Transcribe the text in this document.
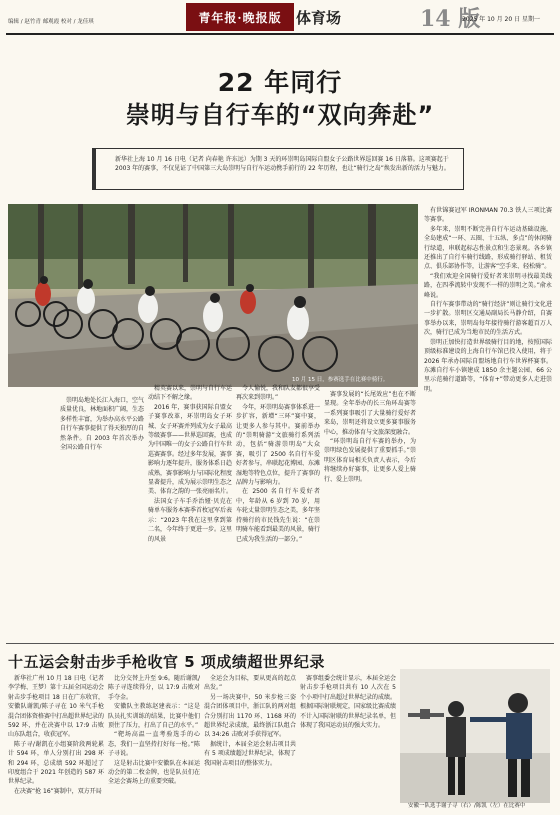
编辑 / 赵竹青 邮观霞 校对 / 龙佳琪	青年报·晚报版 体育场	14 版
2025 年 10 月 20 日 星期一
22 年同行
崇明与自行车的“双向奔赴”
新华社上海 10 月 16 日电（记者 向春艳 许东远）为期 3 天的环崇明岛国际自盟女子公路世界巡回赛 16 日落幕。这项赛起于 2003 年的赛事，不仅见证了中国第三大岛崇明与自行车运动携手前行的 22 年历程，也让“骑行之岛”焕发出新的活力与魅力。
10 月 15 日，参赛选手在比赛中骑行。

崇明岛地处长江入海口，空气质量优良，林地面积广阔，生态多样性丰富，为举办高水平公路自行车赛事提供了得天独厚的自然条件。自 2003 年首次举办全国公路自行车

精英赛以来，崇明与自行车运动结下不解之缘。

2016 年，赛事获国际自盟女子赛事改革，环崇明岛女子环城、女子环赛并列成为女子最高等级赛事——世界巡回赛，也成为中国唯一的女子公路自行车世巡赛赛事。经过多年发展，赛事影响力逐年提升，服务体系日趋成熟，赛事影响力与国际化程度显著提升，成为展示崇明生态之美、体育之韵的一张亮丽名片。

法国女子车手乔治娅·贝克在骑单车服务本赛季首枚冠军后表示：“2023 年我在这里拿到第二名，今年终于更进一步。这里的风景

令人愉悦，我和队友都很享受再次来到崇明。”

今年，环崇明岛赛事体系进一步扩容，新增“三环”赛中赛，让更多人参与其中。赛前举办的“崇明骑游”文旅骑行系列活动，包括“骑游崇明岛”大众赛，吸引了 2500 名自行车爱好者参与，串联起花博园、东滩湿地等特色点位，提升了赛事的品牌力与影响力。

在 2500 名自行车爱好者中，年龄从 6 岁到 70 岁，用车轮丈量崇明生态之美，多年坚持骑行的市民钱先生说：“在崇明骑车能看到最美的风景，骑行已成为我生活的一部分。”

有世锦赛冠军 IRONMAN 70.3 铁人三项比赛等赛事。

多年来，崇明不断完善自行车运动基础设施，全岛建成“一环、五圈、十五纵、多点”的休闲骑行绿道，串联起标志性景点和生态景观。各乡镇还推出了自行车骑行线路，形成骑行驿站、租赁点、俱乐部协作等，让游客“空手来、轻松骑”。

“我们欢迎全国骑行爱好者来崇明寻找最美线路，在四季流转中发现不一样的崇明之美。”俞永峰说。

自行车赛事带动的“骑行经济”则让骑行文化进一步扩散。崇明区交通局副局长马静介绍，自赛事举办以来，崇明岛每年接待骑行游客超百万人次，骑行已成为当地市民的生活方式。

崇明正加快打造世界级骑行目的地，按照国际顶级标准建设的上海自行车馆已投入使用，将于 2026 年承办国际自盟场地自行车世界杯赛事。东滩自行车小镇建成 1850 余主题公园、66 公里示范骑行道路等，“体育+”带动更多人走进崇明。

赛事发展的“长尾效应”也在不断显现。全年举办的长三角环岛赛等一系列赛事吸引了大量骑行爱好者来岛，崇明还将设立更多赛事服务中心，推动体育与文旅深度融合。

“环崇明岛自行车赛的举办，为崇明绿色发展提供了重要抓手。”崇明区体育局相关负责人表示，今后将继续办好赛事，让更多人爱上骑行、爱上崇明。

十五运会射击步手枪收官 5 项成绩超世界纪录

新华社广州 10 月 18 日电（记者 李学梅、王梦）第十五届全国运动会射击步手枪项目 18 日在广东收官，安徽队谢凯/陈子寻在 10 米气手枪混合团体资格赛中打出超世界纪录的 592 环，并在决赛中以 17:9 击败山东队组合，收获冠军。

陈子寻/谢凯在小组赛阶段两轮累计 594 环，单人分别打出 298 环和 294 环，总成绩 592 环超过了印度组合于 2021 年创造的 587 环世界纪录。

在决赛“抢 16”赛制中，双方开局

比分交替上升至 9:6。随后谢凯/陈子寻连续得分，以 17:9 击败对手夺金。

安徽队主教练赵建表示：“这是队员扎实训练的结果，比赛中他们顶住了压力，打出了自己的水平。”

“靶场高温一直考验选手的心态，我们一直坚持打好每一枪。”陈子寻说。

这是射击比赛中安徽队在本届运动会的第二枚金牌，也是队员们在全运会赛场上的重要突破。

全运会为目标，要从更高的起点出发。”

另一场决赛中，50 米步枪三姿混合团体项目中，浙江队的两对组合分别打出 1170 环、1168 环的超世界纪录成绩，最终浙江队组合以 34:26 击败对手获得冠军。

据统计，本届全运会射击项目共有 5 项成绩超过世界纪录，体现了我国射击项目的整体实力。

赛事组委会统计显示，本届全运会射击步手枪项目共有 10 人次在 5 个小项中打出超过世界纪录的成绩。根据国际射联规定，国家级比赛成绩不计入国际射联的世界纪录名单，但体现了我国运动员的强大实力。

安徽一队选手谢子寻（右）/陈凯（左）在比赛中
